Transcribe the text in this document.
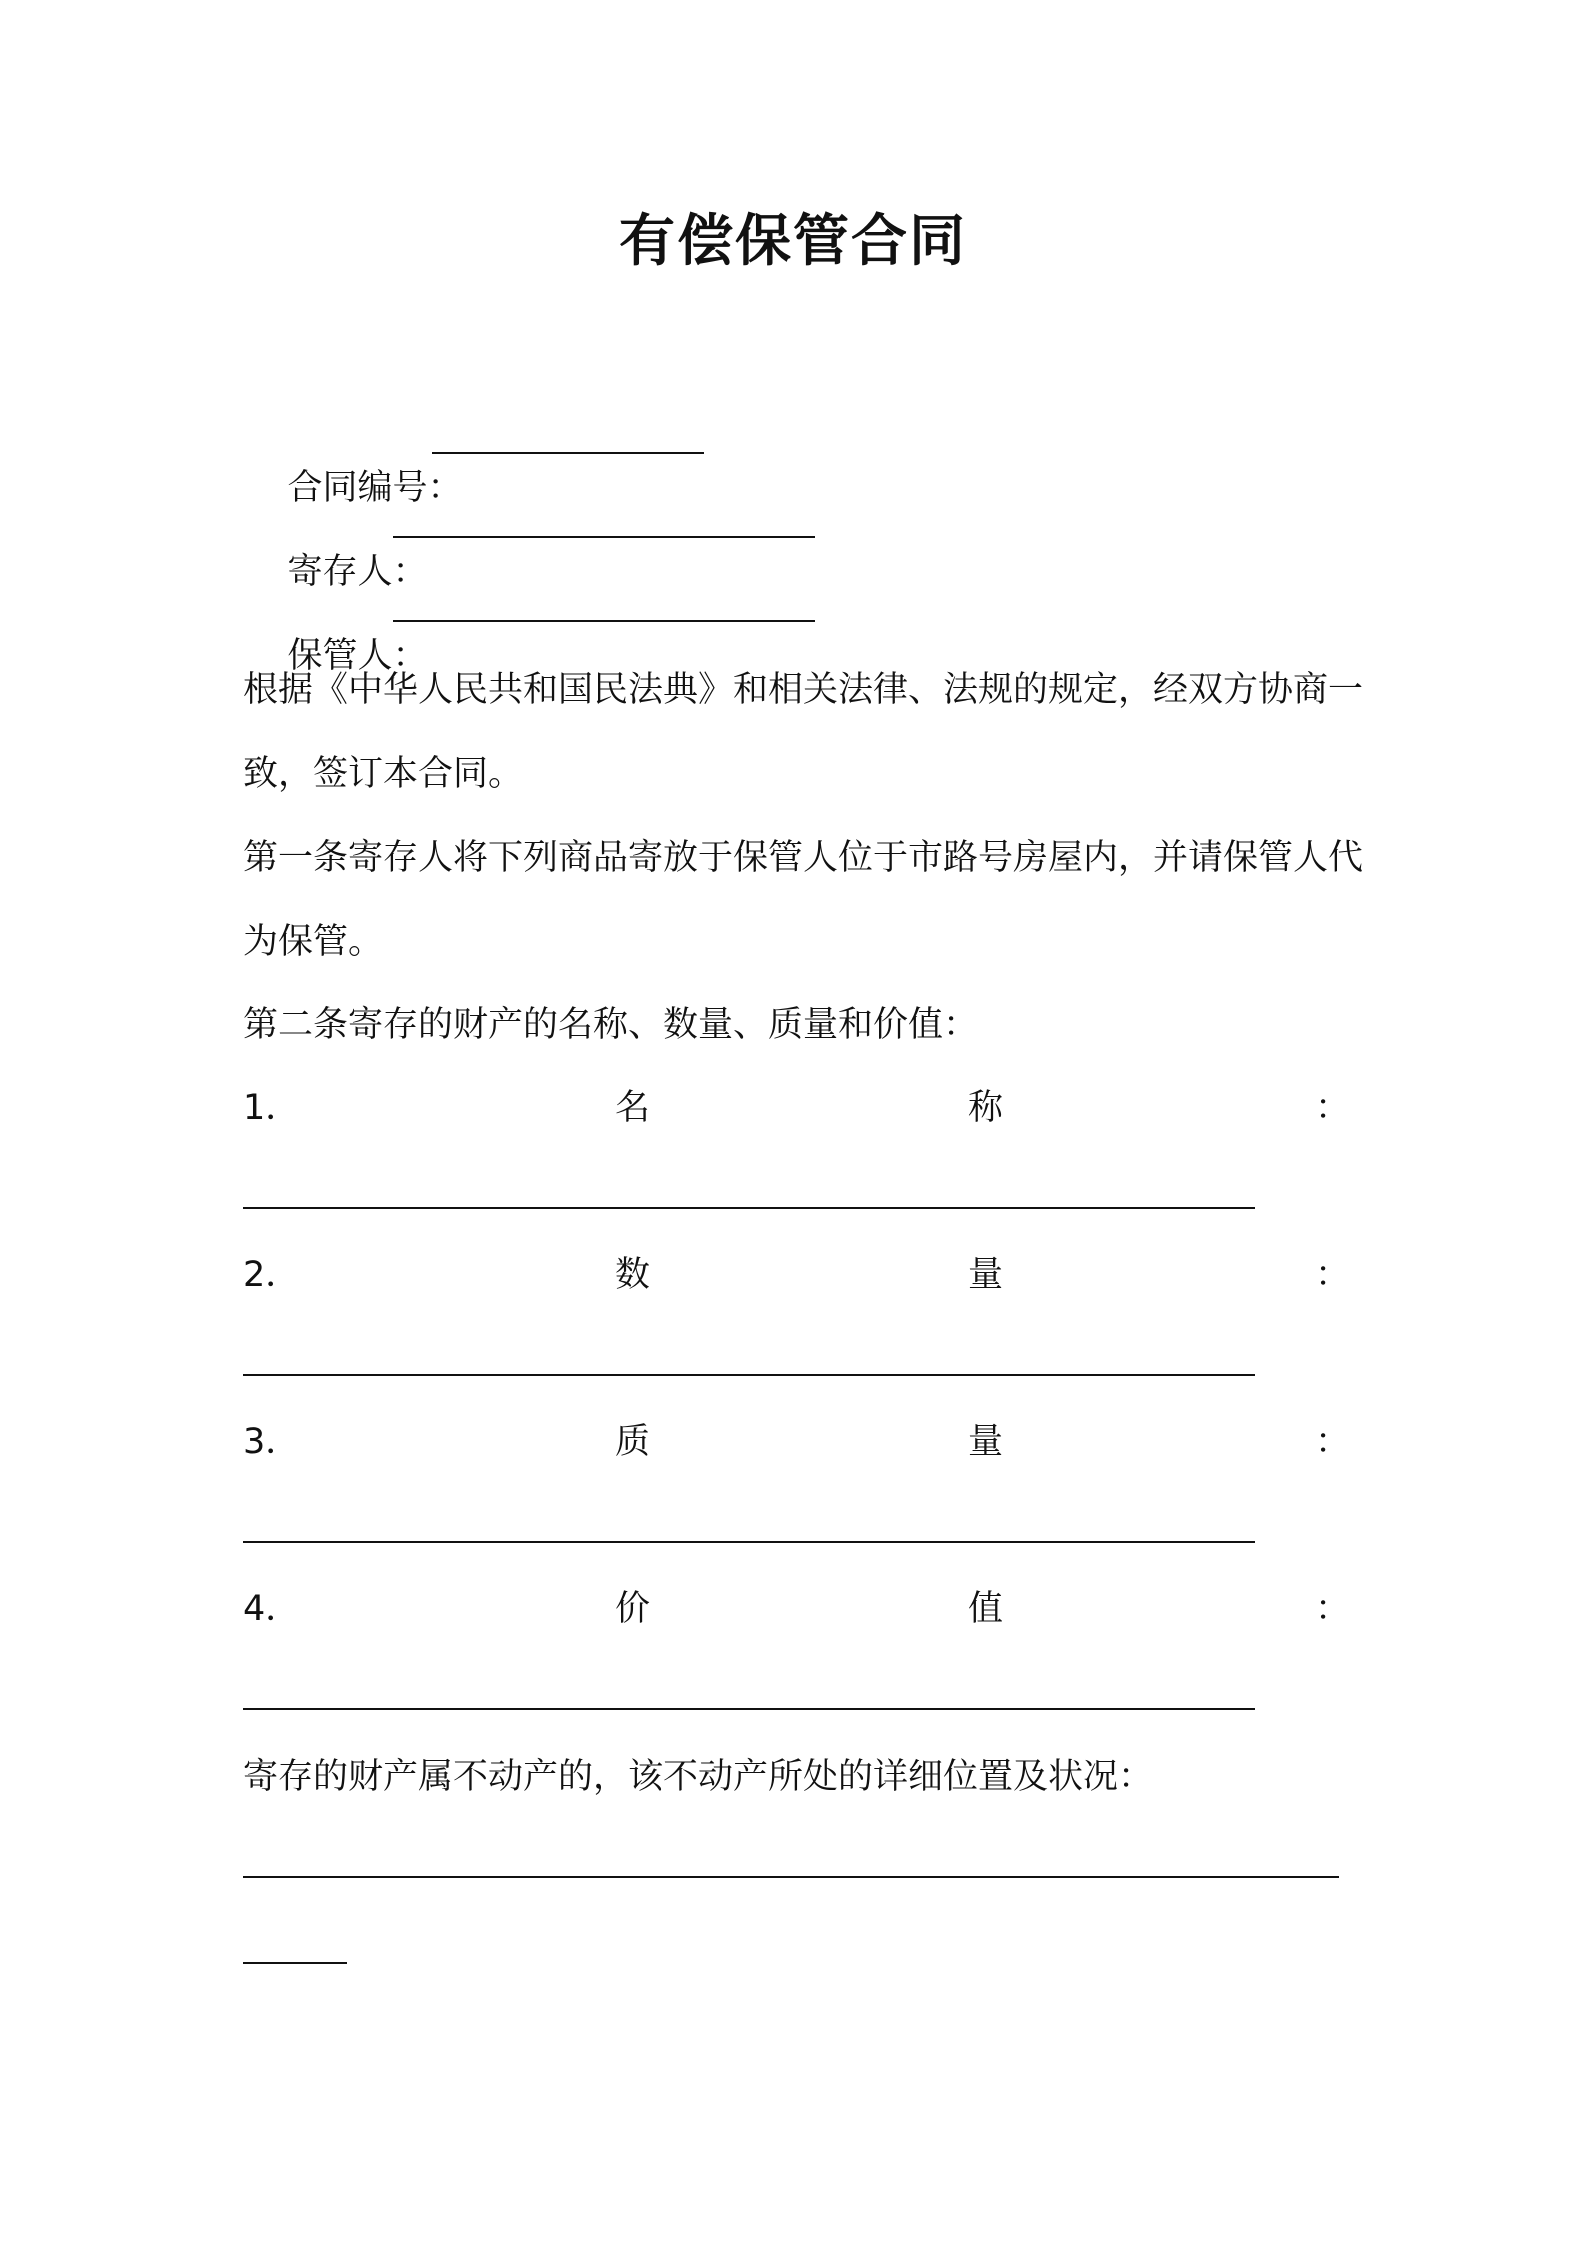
有偿保管合同

合同编号：

寄存人：

保管人：

根据《中华人民共和国民法典》和相关法律、法规的规定，经双方协商一致，签订本合同。
第一条寄存人将下列商品寄放于保管人位于市路号房屋内，并请保管人代为保管。
第二条寄存的财产的名称、数量、质量和价值：
1．	名	称	：
2．	数	量	：
3．	质	量	：
4．	价	值	：
寄存的财产属不动产的，该不动产所处的详细位置及状况：
